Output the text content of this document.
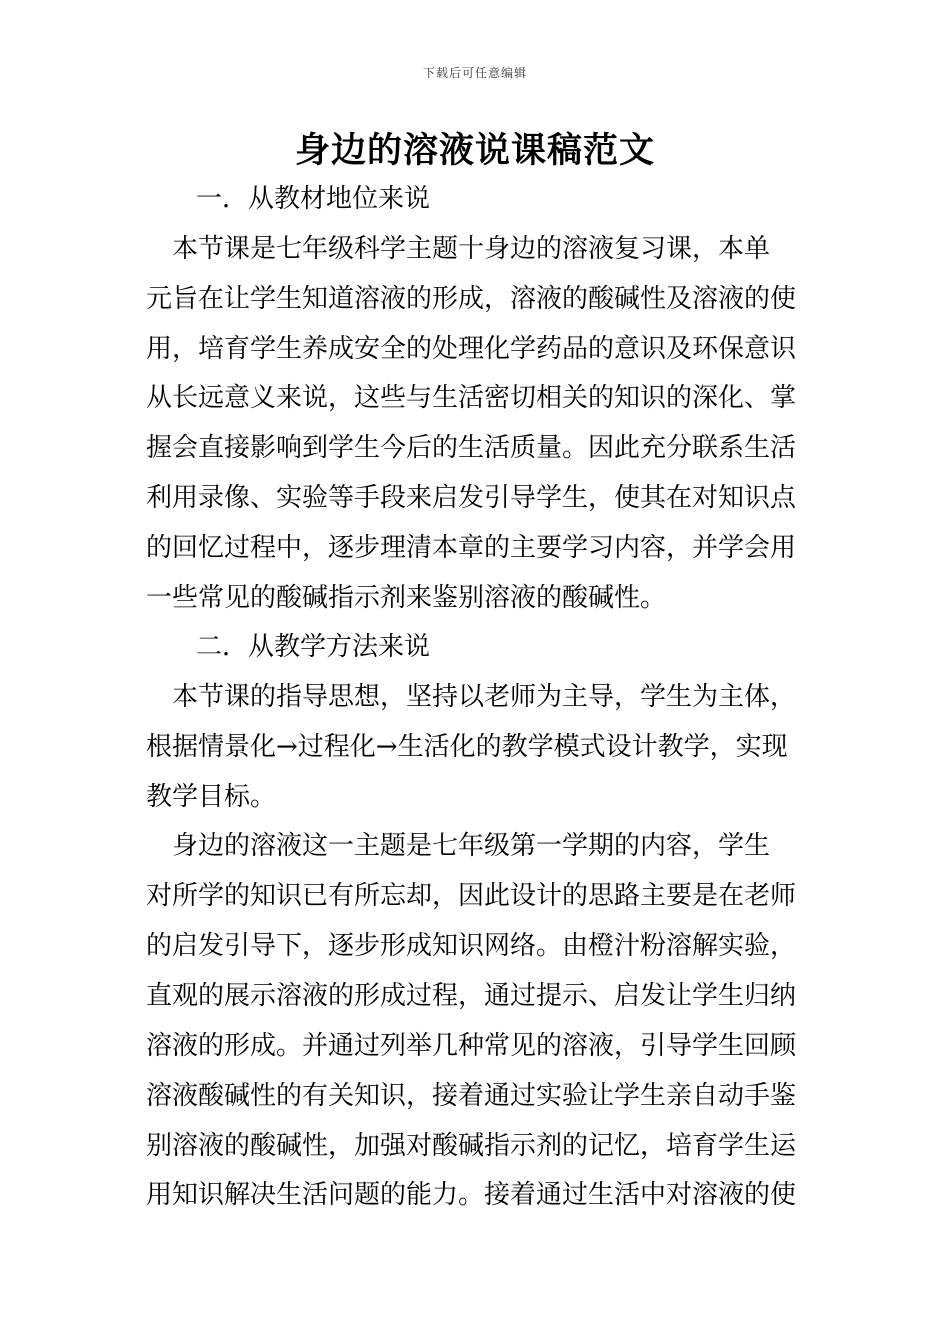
下载后可任意编辑
身边的溶液说课稿范文
一．从教材地位来说
　本节课是七年级科学主题十身边的溶液复习课，本单
元旨在让学生知道溶液的形成，溶液的酸碱性及溶液的使
用，培育学生养成安全的处理化学药品的意识及环保意识
从长远意义来说，这些与生活密切相关的知识的深化、掌
握会直接影响到学生今后的生活质量。因此充分联系生活
利用录像、实验等手段来启发引导学生，使其在对知识点
的回忆过程中，逐步理清本章的主要学习内容，并学会用
一些常见的酸碱指示剂来鉴别溶液的酸碱性。
二．从教学方法来说
　本节课的指导思想，坚持以老师为主导，学生为主体，
根据情景化→过程化→生活化的教学模式设计教学，实现
教学目标。
　身边的溶液这一主题是七年级第一学期的内容，学生
对所学的知识已有所忘却，因此设计的思路主要是在老师
的启发引导下，逐步形成知识网络。由橙汁粉溶解实验，
直观的展示溶液的形成过程，通过提示、启发让学生归纳
溶液的形成。并通过列举几种常见的溶液，引导学生回顾
溶液酸碱性的有关知识，接着通过实验让学生亲自动手鉴
别溶液的酸碱性，加强对酸碱指示剂的记忆，培育学生运
用知识解决生活问题的能力。接着通过生活中对溶液的使
